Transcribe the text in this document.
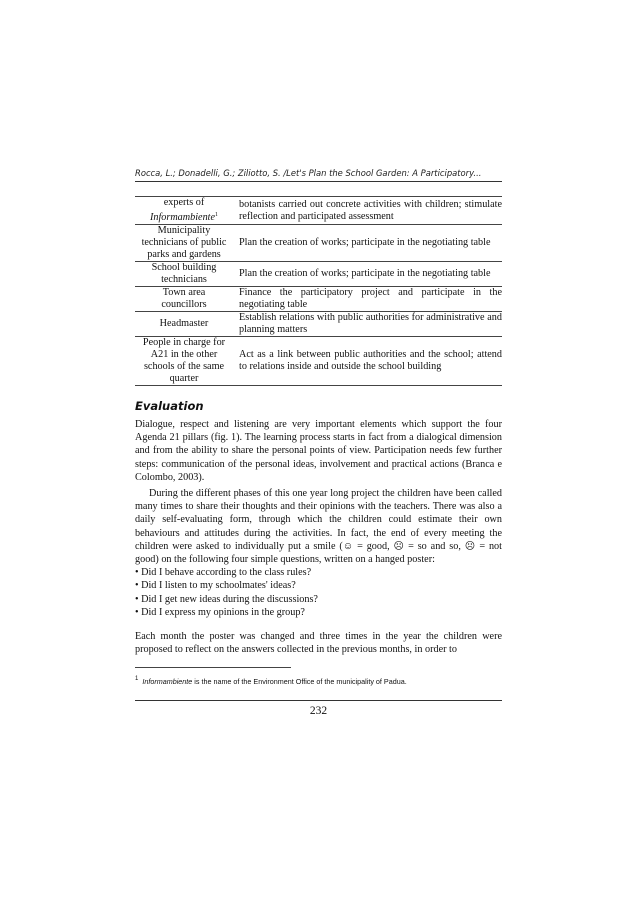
Rocca, L.; Donadelli, G.; Ziliotto, S. /Let's Plan the School Garden: A Participatory...
experts of
Informambiente$^1$	botanists carried out concrete activities with children; stimulate reflection and participated assessment
Municipality
technicians of public
parks and gardens	Plan the creation of works; participate in the negotiating table
School building
technicians	Plan the creation of works; participate in the negotiating table
Town area
councillors	Finance the participatory project and participate in the negotiating table
Headmaster	Establish relations with public authorities for administrative and planning matters
People in charge for
A21 in the other
schools of the same
quarter	Act as a link between public authorities and the school; attend to relations inside and outside the school building
Evaluation

Dialogue, respect and listening are very important elements which support the four Agenda 21 pillars (fig. 1). The learning process starts in fact from a dialogical dimension and from the ability to share the personal points of view. Participation needs few further steps: communication of the personal ideas, involvement and practical actions (Branca e Colombo, 2003).

During the different phases of this one year long project the children have been called many times to share their thoughts and their opinions with the teachers. There was also a daily self-evaluating form, through which the children could estimate their own behaviours and attitudes during the activities. In fact, the end of every meeting the children were asked to individually put a smile (☺ = good, ☹ = so and so, ☹ = not good) on the following four simple questions, written on a hanged poster:

• Did I behave according to the class rules?
• Did I listen to my schoolmates' ideas?
• Did I get new ideas during the discussions?
• Did I express my opinions in the group?

Each month the poster was changed and three times in the year the children were proposed to reflect on the answers collected in the previous months, in order to

$^1$ Informambiente is the name of the Environment Office of the municipality of Padua.
232
